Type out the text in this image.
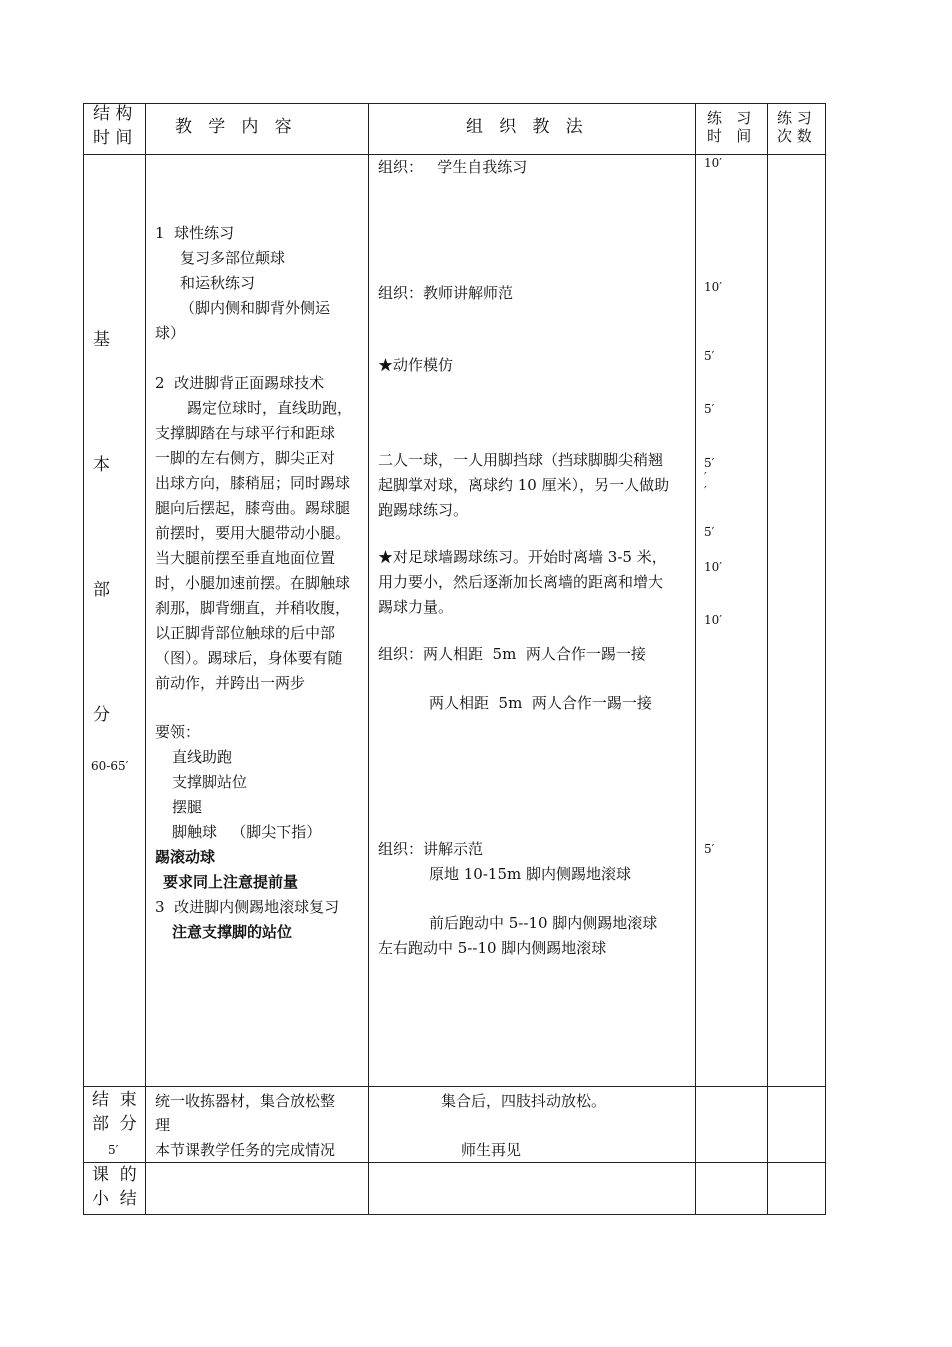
结 构
时 间
教   学   内   容	组   织   教   法	练   习
时   间
练 习
次 数
基
本
部
分
60-65′
1  球性练习
复习多部位颠球
和运秋练习
（脚内侧和脚背外侧运
球）
2  改进脚背正面踢球技术
踢定位球时，直线助跑，
支撑脚踏在与球平行和距球
一脚的左右侧方，脚尖正对
出球方向，膝稍屈；同时踢球
腿向后摆起，膝弯曲。踢球腿
前摆时，要用大腿带动小腿。
当大腿前摆至垂直地面位置
时，小腿加速前摆。在脚触球
刹那，脚背绷直，并稍收腹，
以正脚背部位触球的后中部
（图）。踢球后，身体要有随
前动作，并跨出一两步
要领：
直线助跑
支撑脚站位
摆腿
脚触球   （脚尖下指）
踢滚动球
要求同上注意提前量
3  改进脚内侧踢地滚球复习
注意支撑脚的站位
组织：   学生自我练习
组织：教师讲解师范
★动作模仿
二人一球，一人用脚挡球（挡球脚脚尖稍翘
起脚掌对球，离球约 10 厘米），另一人做助
跑踢球练习。
★对足球墙踢球练习。开始时离墙 3-5 米，
用力要小，然后逐渐加长离墙的距离和增大
踢球力量。
组织：两人相距  5m  两人合作一踢一接
两人相距  5m  两人合作一踢一接
组织：讲解示范
原地 10-15m 脚内侧踢地滚球
前后跑动中 5--10 脚内侧踢地滚球
左右跑动中 5--10 脚内侧踢地滚球
10′
10′
5′
5′
5′
′
′
5′
10′
10′
5′
结  束
部  分
5′
统一收拣器材，集合放松整
理
本节课教学任务的完成情况
集合后，四肢抖动放松。
师生再见
课  的
小  结
